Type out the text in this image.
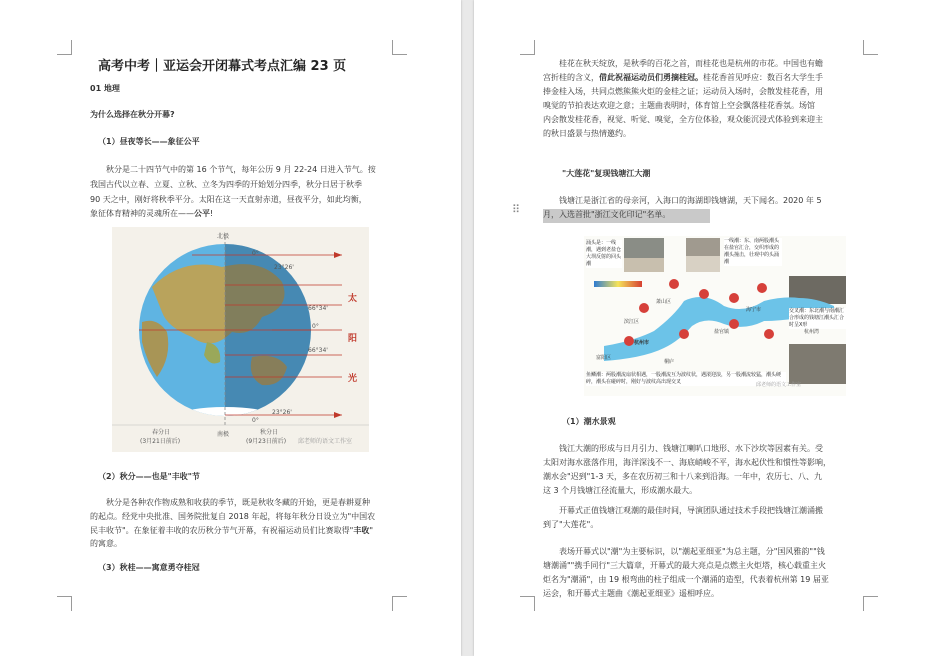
高考中考｜亚运会开闭幕式考点汇编 23 页

01 地理

为什么选择在秋分开幕?

（1）昼夜等长——象征公平

秋分是二十四节气中的第 16 个节气，每年公历 9 月 22-24 日进入节气。按

我国古代以立春、立夏、立秋、立冬为四季的开始划分四季，秋分日居于秋季

90 天之中，刚好将秋季平分。太阳在这一天直射赤道，昼夜平分，如此均衡，

象征体育精神的灵魂所在——公平!

北极
南极
太
阳
光
0°
23°26'
66°34'
0°
66°34'
23°26'
0°
春分日
(3月21日前后)
秋分日
(9月23日前后) 邱老师的语文工作室

（2）秋分——也是"丰收"节

秋分是各种农作物成熟和收获的季节，既是秋收冬藏的开始，更是春耕夏种

的起点。经党中央批准、国务院批复自 2018 年起，将每年秋分日设立为"中国农

民丰收节"。在象征着丰收的农历秋分节气开幕，有祝福运动员们比赛取得"丰收"

的寓意。

（3）秋桂——寓意勇夺桂冠

桂花在秋天绽放，是秋季的百花之首，而桂花也是杭州的市花。中国也有蟾

宫折桂的含义，借此祝福运动员们勇摘桂冠。桂花香首见呼应：数百名大学生手

捧金桂入场，共同点燃熊熊火炬的金桂之证；运动员入场时，会散发桂花香，用

嗅觉的节拍表达欢迎之意；主题曲表明时，体育馆上空会飘落桂花香氛。场馆

内会散发桂花香，视觉、听觉、嗅觉，全方位体验，观众能沉浸式体验到来迎主

的秋日盛景与热情邀约。

"大莲花"复现钱塘江大潮

钱塘江是浙江省的母亲河，入海口的海湖即钱塘湖，天下闻名。2020 年 5

月，入选首批"浙江文化印记"名单。

（1）潮水景观

钱江大潮的形成与日月引力、钱塘江喇叭口地形、水下沙坎等因素有关。受

太阳对海水涨落作用，海洋深浅不一、海底峭峻不平，海水起伏性和惯性等影响，

潮水会"迟到"1-3 天，多在农历初三和十八来到沿海。一年中，农历七、八、九

这 3 个月钱塘江径流量大，形成潮水最大。

开幕式正值钱塘江观潮的最佳时间，导演团队通过技术手段把钱塘江潮涌搬

到了"大莲花"。

表场开幕式以"潮"为主要标识，以"潮起亚细亚"为总主题，分"国风雅韵""钱

塘潮涌""携手同行"三大篇章，开幕式的最大亮点是点燃主火炬塔，核心载重主火

炬名为"潮涌"，由 19 根弯曲的柱子组成一个潮涌的造型，代表着杭州第 19 届亚

运会，和开幕式主题曲《潮起亚细亚》遥相呼应。

⠿
涌头是：一线潮，遇到老盐仓大坝反射的回头潮
一线潮：东、南两股潮头在盐官汇合，交织形成的潮头撞击，壮观中的头涌潮
交叉潮：东北潮与南潮汇合形成的钱塘江潮头汇合时呈X形
鱼鳞潮：两股潮流扇状相遇，一股潮流互为波纹状，遇滚迎浪，另一股潮流较猛，潮头硬碎，潮头在碰碎时，刚好与波纹高出现交叉
杭州市
萧山区
海宁市
盐官镇
滨江区
富阳区
桐庐
杭州湾
邱老师的语文工作室
